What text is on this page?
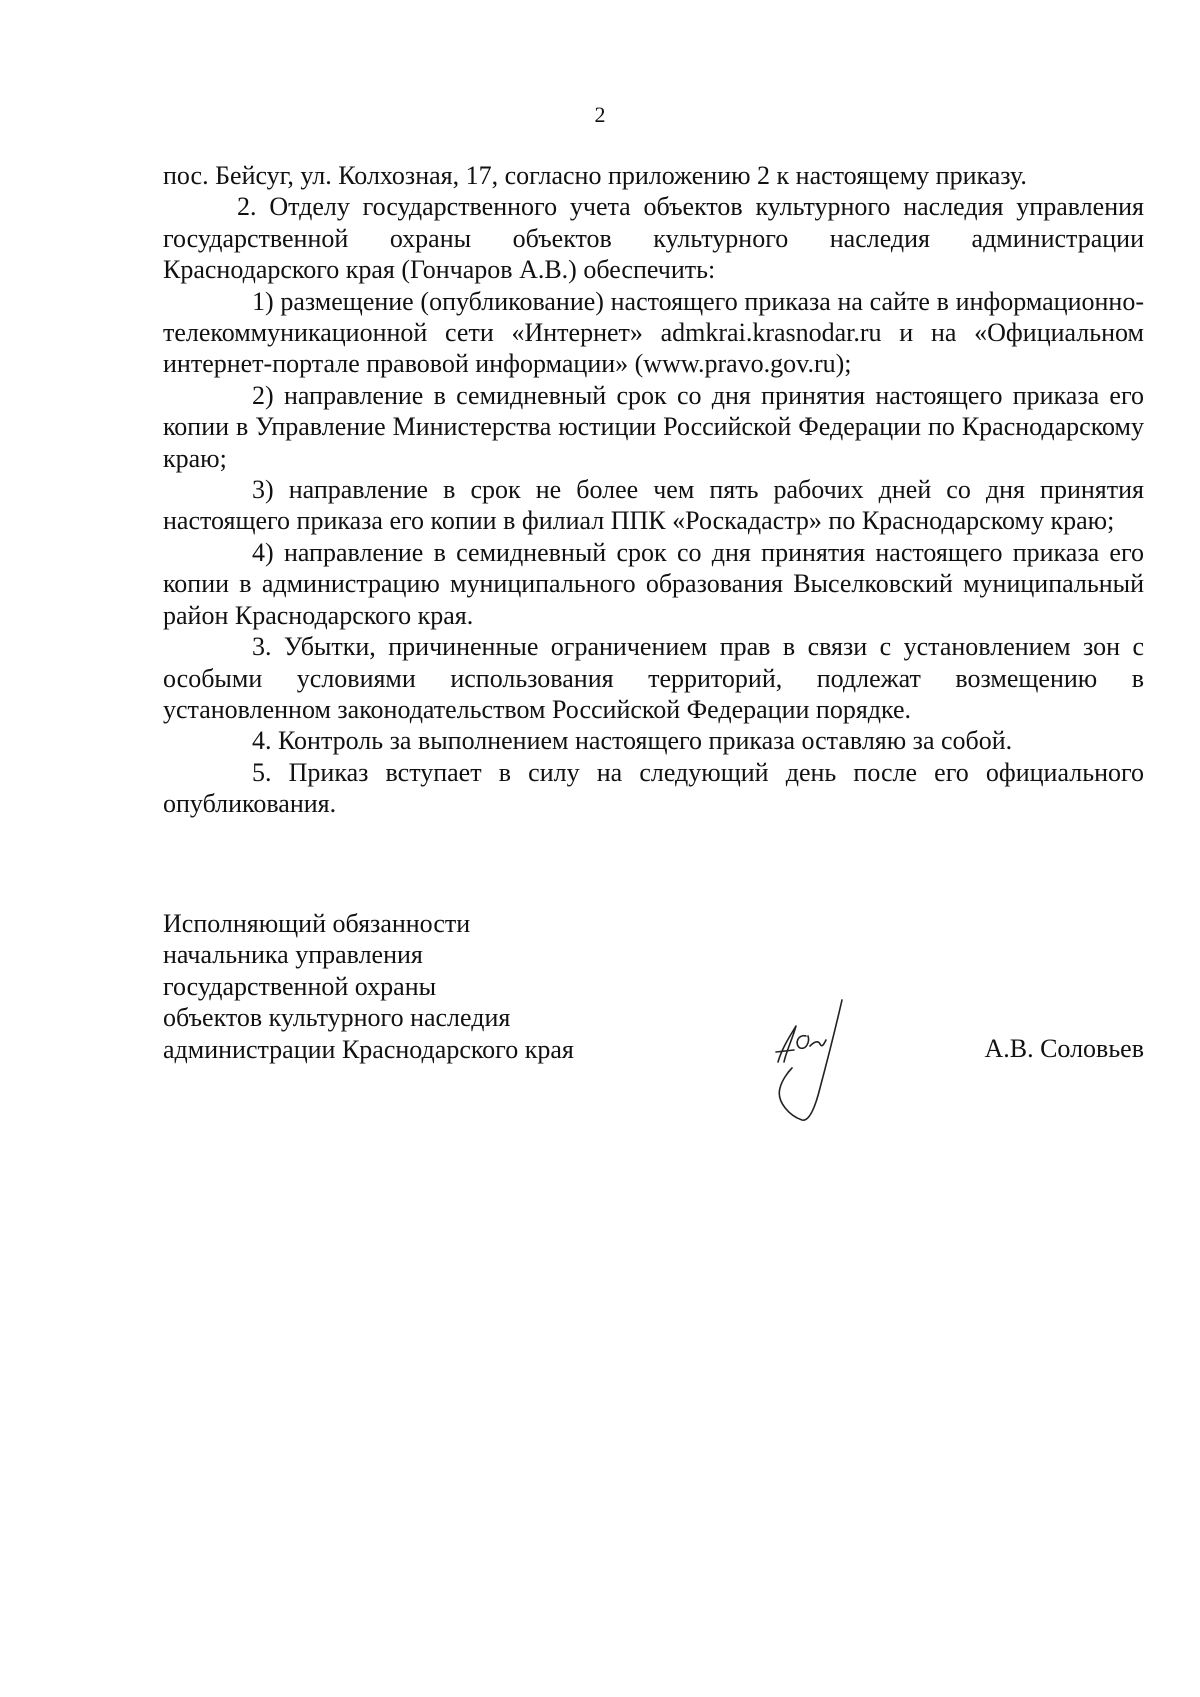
2

пос. Бейсуг, ул. Колхозная, 17, согласно приложению 2 к настоящему приказу.

2. Отделу государственного учета объектов культурного наследия управления государственной охраны объектов культурного наследия администрации Краснодарского края (Гончаров А.В.) обеспечить:

1) размещение (опубликование) настоящего приказа на сайте в информационно-телекоммуникационной сети «Интернет» admkrai.krasnodar.ru и на «Официальном интернет-портале правовой информации» (www.pravo.gov.ru);

2) направление в семидневный срок со дня принятия настоящего приказа его копии в Управление Министерства юстиции Российской Федерации по Краснодарскому краю;

3) направление в срок не более чем пять рабочих дней со дня принятия настоящего приказа его копии в филиал ППК «Роскадастр» по Краснодарскому краю;

4) направление в семидневный срок со дня принятия настоящего приказа его копии в администрацию муниципального образования Выселковский муниципальный район Краснодарского края.

3. Убытки, причиненные ограничением прав в связи с установлением зон с особыми условиями использования территорий, подлежат возмещению в установленном законодательством Российской Федерации порядке.

4. Контроль за выполнением настоящего приказа оставляю за собой.

5. Приказ вступает в силу на следующий день после его официального опубликования.

Исполняющий обязанности
начальника управления
государственной охраны
объектов культурного наследия
администрации Краснодарского края	А.В. Соловьев
